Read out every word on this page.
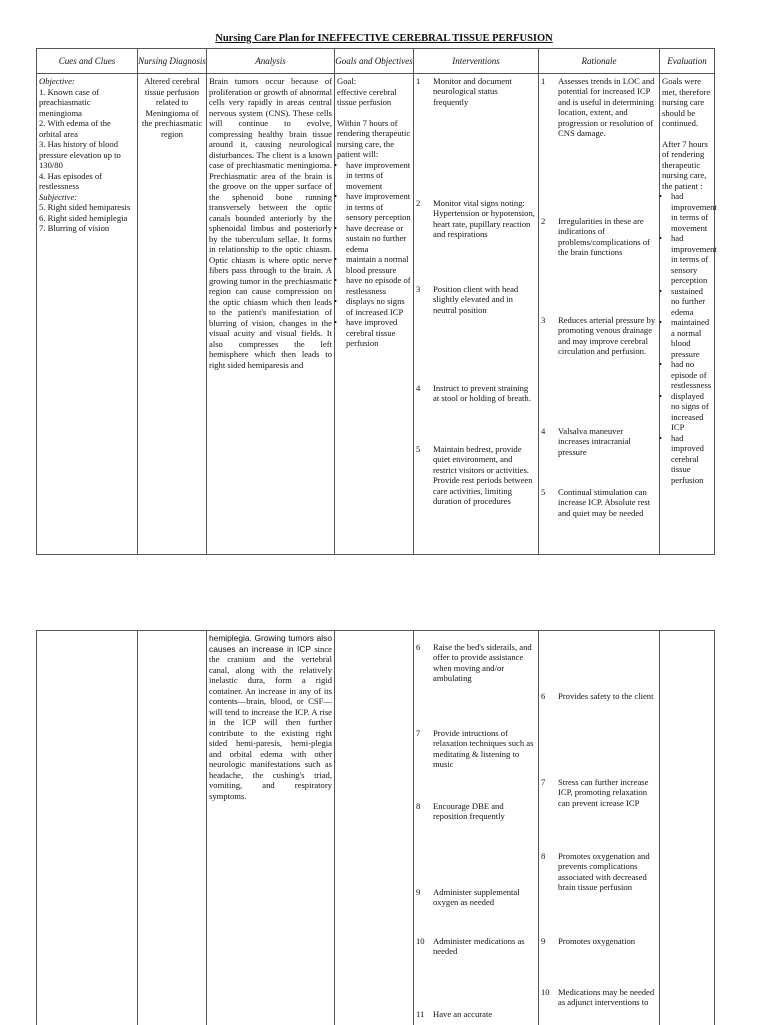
Nursing Care Plan for INEFFECTIVE CEREBRAL TISSUE PERFUSION
Cues and Clues
Objective:
1. Known case of preachiasmatic meningioma
2. With edema of the orbital area
3. Has history of blood pressure elevation up to 130/80
4. Has episodes of restlessness
Subjective:
5. Right sided hemiparesis
6. Right sided hemiplegia
7. Blurring of vision
Nursing Diagnosis
Altered cerebral tissue perfusion related to Meningioma of the prechiasmatic region
Analysis
Brain tumors occur because of proliferation or growth of abnormal cells very rapidly in areas central nervous system (CNS). These cells will continue to evolve, compressing healthy brain tissue around it, causing neurological disturbances. The client is a known case of prechiasmatic meningioma. Prechiasmatic area of the brain is the groove on the upper surface of the sphenoid bone running transversely between the optic canals bounded anteriorly by the sphenoidal limbus and posteriorly by the tuberculum sellae. It forms in relationship to the optic chiasm. Optic chiasm is where optic nerve fibers pass through to the brain. A growing tumor in the prechiasmatic region can cause compression on the optic chiasm which then leads to the patient's manifestation of blurring of vision, changes in the visual acuity and visual fields. It also compresses the left hemisphere which then leads to right sided hemiparesis and
Goals and Objectives
Goal:
effective cerebral tissue perfusion
Within 7 hours of rendering therapeutic nursing care, the patient will:
• have improvement in terms of movement
• have improvement in terms of sensory perception
• have decrease or sustain no further edema
• maintain a normal blood pressure
• have no episode of restlessness
• displays no signs of increased ICP
• have improved cerebral tissue perfusion
Interventions
1 Monitor and document neurological status frequently
2 Monitor vital signs noting: Hypertension or hypotension, heart rate, pupillary reaction and respirations
3 Position client with head slightly elevated and in neutral position
4 Instruct to prevent straining at stool or holding of breath.
5 Maintain bedrest, provide quiet environment, and restrict visitors or activities. Provide rest periods between care activities, limiting duration of procedures
Rationale
1 Assesses trends in LOC and potential for increased ICP and is useful in determining location, extent, and progression or resolution of CNS damage.
2 Irregularities in these are indications of problems/complications of the brain functions
3 Reduces arterial pressure by promoting venous drainage and may improve cerebral circulation and perfusion.
4 Valsalva maneuver increases intracranial pressure
5 Continual stimulation can increase ICP. Absolute rest and quiet may be needed
Evaluation
Goals were met, therefore nursing care should be continued.
After 7 hours of rendering therapeutic nursing care, the patient :
• had improvement in terms of movement
• had improvement in terms of sensory perception
• sustained no further edema
• maintained a normal blood pressure
• had no episode of restlessness
• displayed no signs of increased ICP
• had improved cerebral tissue perfusion
hemiplegia. Growing tumors also causes an increase in ICP since the cranium and the vertebral canal, along with the relatively inelastic dura, form a rigid container. An increase in any of its contents—brain, blood, or CSF—will tend to increase the ICP. A rise in the ICP will then further contribute to the existing right sided hemi-paresis, hemi-plegia and orbital edema with other neurologic manifestations such as headache, the cushing's triad, vomiting, and respiratory symptoms.
6 Raise the bed's siderails, and offer to provide assistance when moving and/or ambulating
7 Provide intructions of relaxation techniques such as meditating & listening to music
8 Encourage DBE and reposition frequently
9 Administer supplemental oxygen as needed
10 Administer medications as needed
11 Have an accurate
6 Provides safety to the client
7 Stress can further increase ICP, promoting relaxation can prevent icrease ICP
8 Promotes oxygenation and prevents complications associated with decreased brain tissue perfusion
9 Promotes oxygenation
10 Medications may be needed as adjunct interventions to
